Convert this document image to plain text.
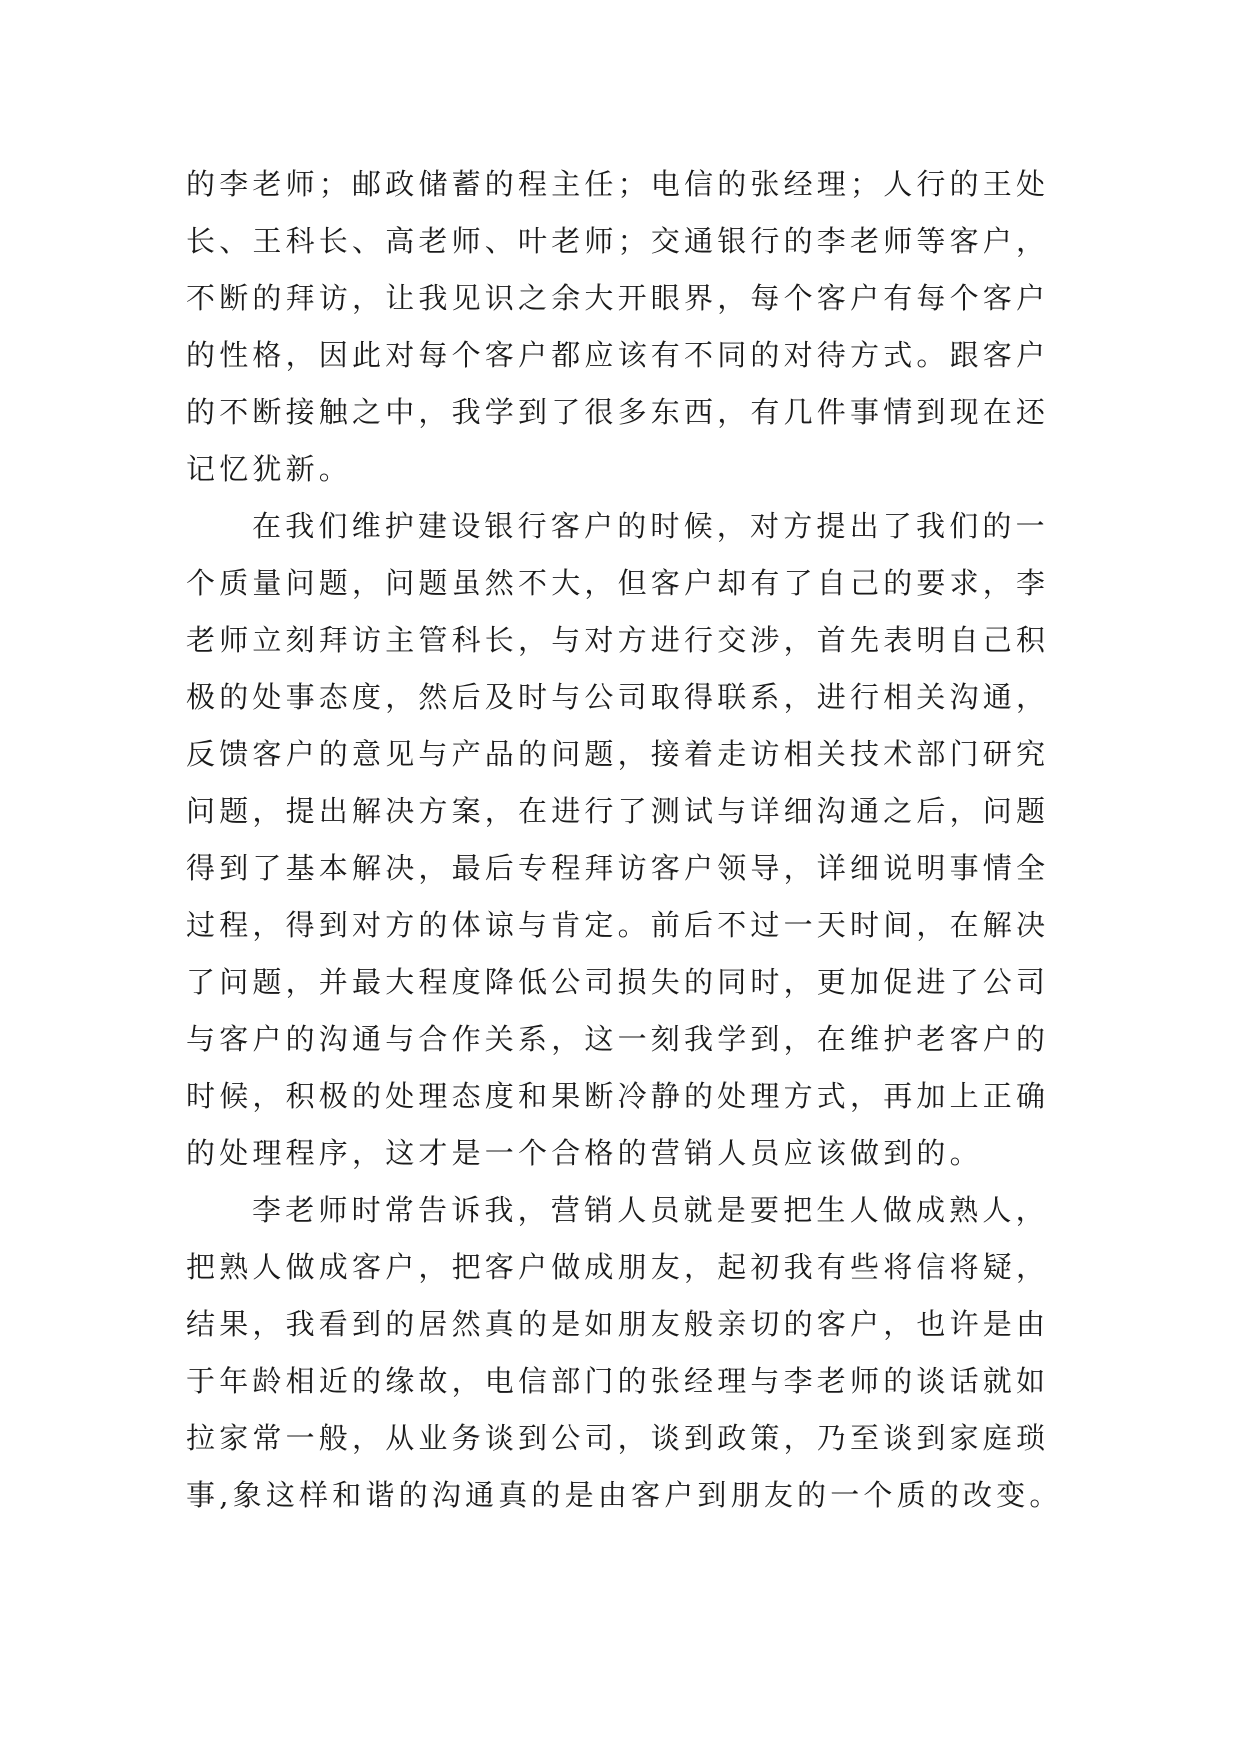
的李老师；邮政储蓄的程主任；电信的张经理；人行的王处
长、王科长、高老师、叶老师；交通银行的李老师等客户，
不断的拜访，让我见识之余大开眼界，每个客户有每个客户
的性格，因此对每个客户都应该有不同的对待方式。跟客户
的不断接触之中，我学到了很多东西，有几件事情到现在还
记忆犹新。
在我们维护建设银行客户的时候，对方提出了我们的一
个质量问题，问题虽然不大，但客户却有了自己的要求，李
老师立刻拜访主管科长，与对方进行交涉，首先表明自己积
极的处事态度，然后及时与公司取得联系，进行相关沟通，
反馈客户的意见与产品的问题，接着走访相关技术部门研究
问题，提出解决方案，在进行了测试与详细沟通之后，问题
得到了基本解决，最后专程拜访客户领导，详细说明事情全
过程，得到对方的体谅与肯定。前后不过一天时间，在解决
了问题，并最大程度降低公司损失的同时，更加促进了公司
与客户的沟通与合作关系，这一刻我学到，在维护老客户的
时候，积极的处理态度和果断冷静的处理方式，再加上正确
的处理程序，这才是一个合格的营销人员应该做到的。
李老师时常告诉我，营销人员就是要把生人做成熟人，
把熟人做成客户，把客户做成朋友，起初我有些将信将疑，
结果，我看到的居然真的是如朋友般亲切的客户，也许是由
于年龄相近的缘故，电信部门的张经理与李老师的谈话就如
拉家常一般，从业务谈到公司，谈到政策，乃至谈到家庭琐
事,象这样和谐的沟通真的是由客户到朋友的一个质的改变。
